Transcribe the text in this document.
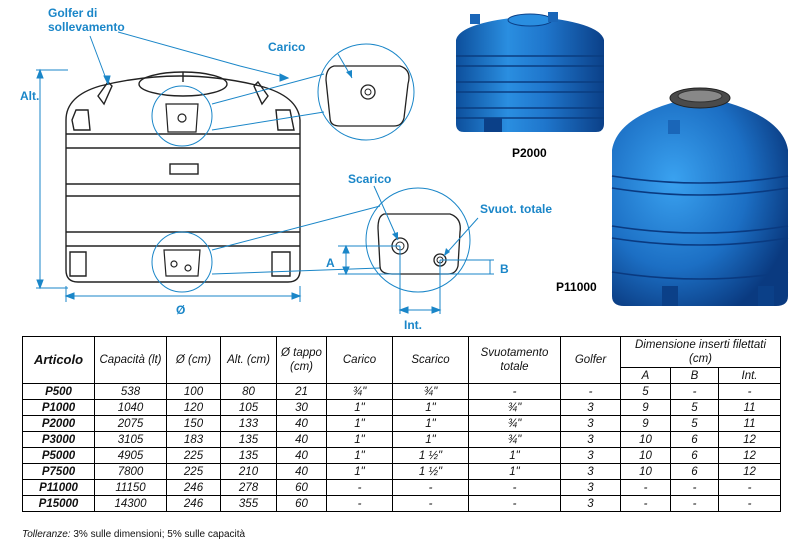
Golfer di
sollevamento
Alt.
Ø
Carico
Scarico
Svuot. totale
A	B
Int.
P2000
P11000
Articolo	Capacità (lt)	Ø (cm)	Alt. (cm)	Ø tappo (cm)	Carico	Scarico	Svuotamento totale	Golfer	Dimensione inserti filettati (cm)		
									A	B	Int.
P500	538	100	80	21	¾"	¾"	-	-	5	-	-
P1000	1040	120	105	30	1"	1"	¾"	3	9	5	11
P2000	2075	150	133	40	1"	1"	¾"	3	9	5	11
P3000	3105	183	135	40	1"	1"	¾"	3	10	6	12
P5000	4905	225	135	40	1"	1 ½"	1"	3	10	6	12
P7500	7800	225	210	40	1"	1 ½"	1"	3	10	6	12
P11000	11150	246	278	60	-	-	-	3	-	-	-
P15000	14300	246	355	60	-	-	-	3	-	-	-
Tolleranze: 3% sulle dimensioni; 5% sulle capacità
